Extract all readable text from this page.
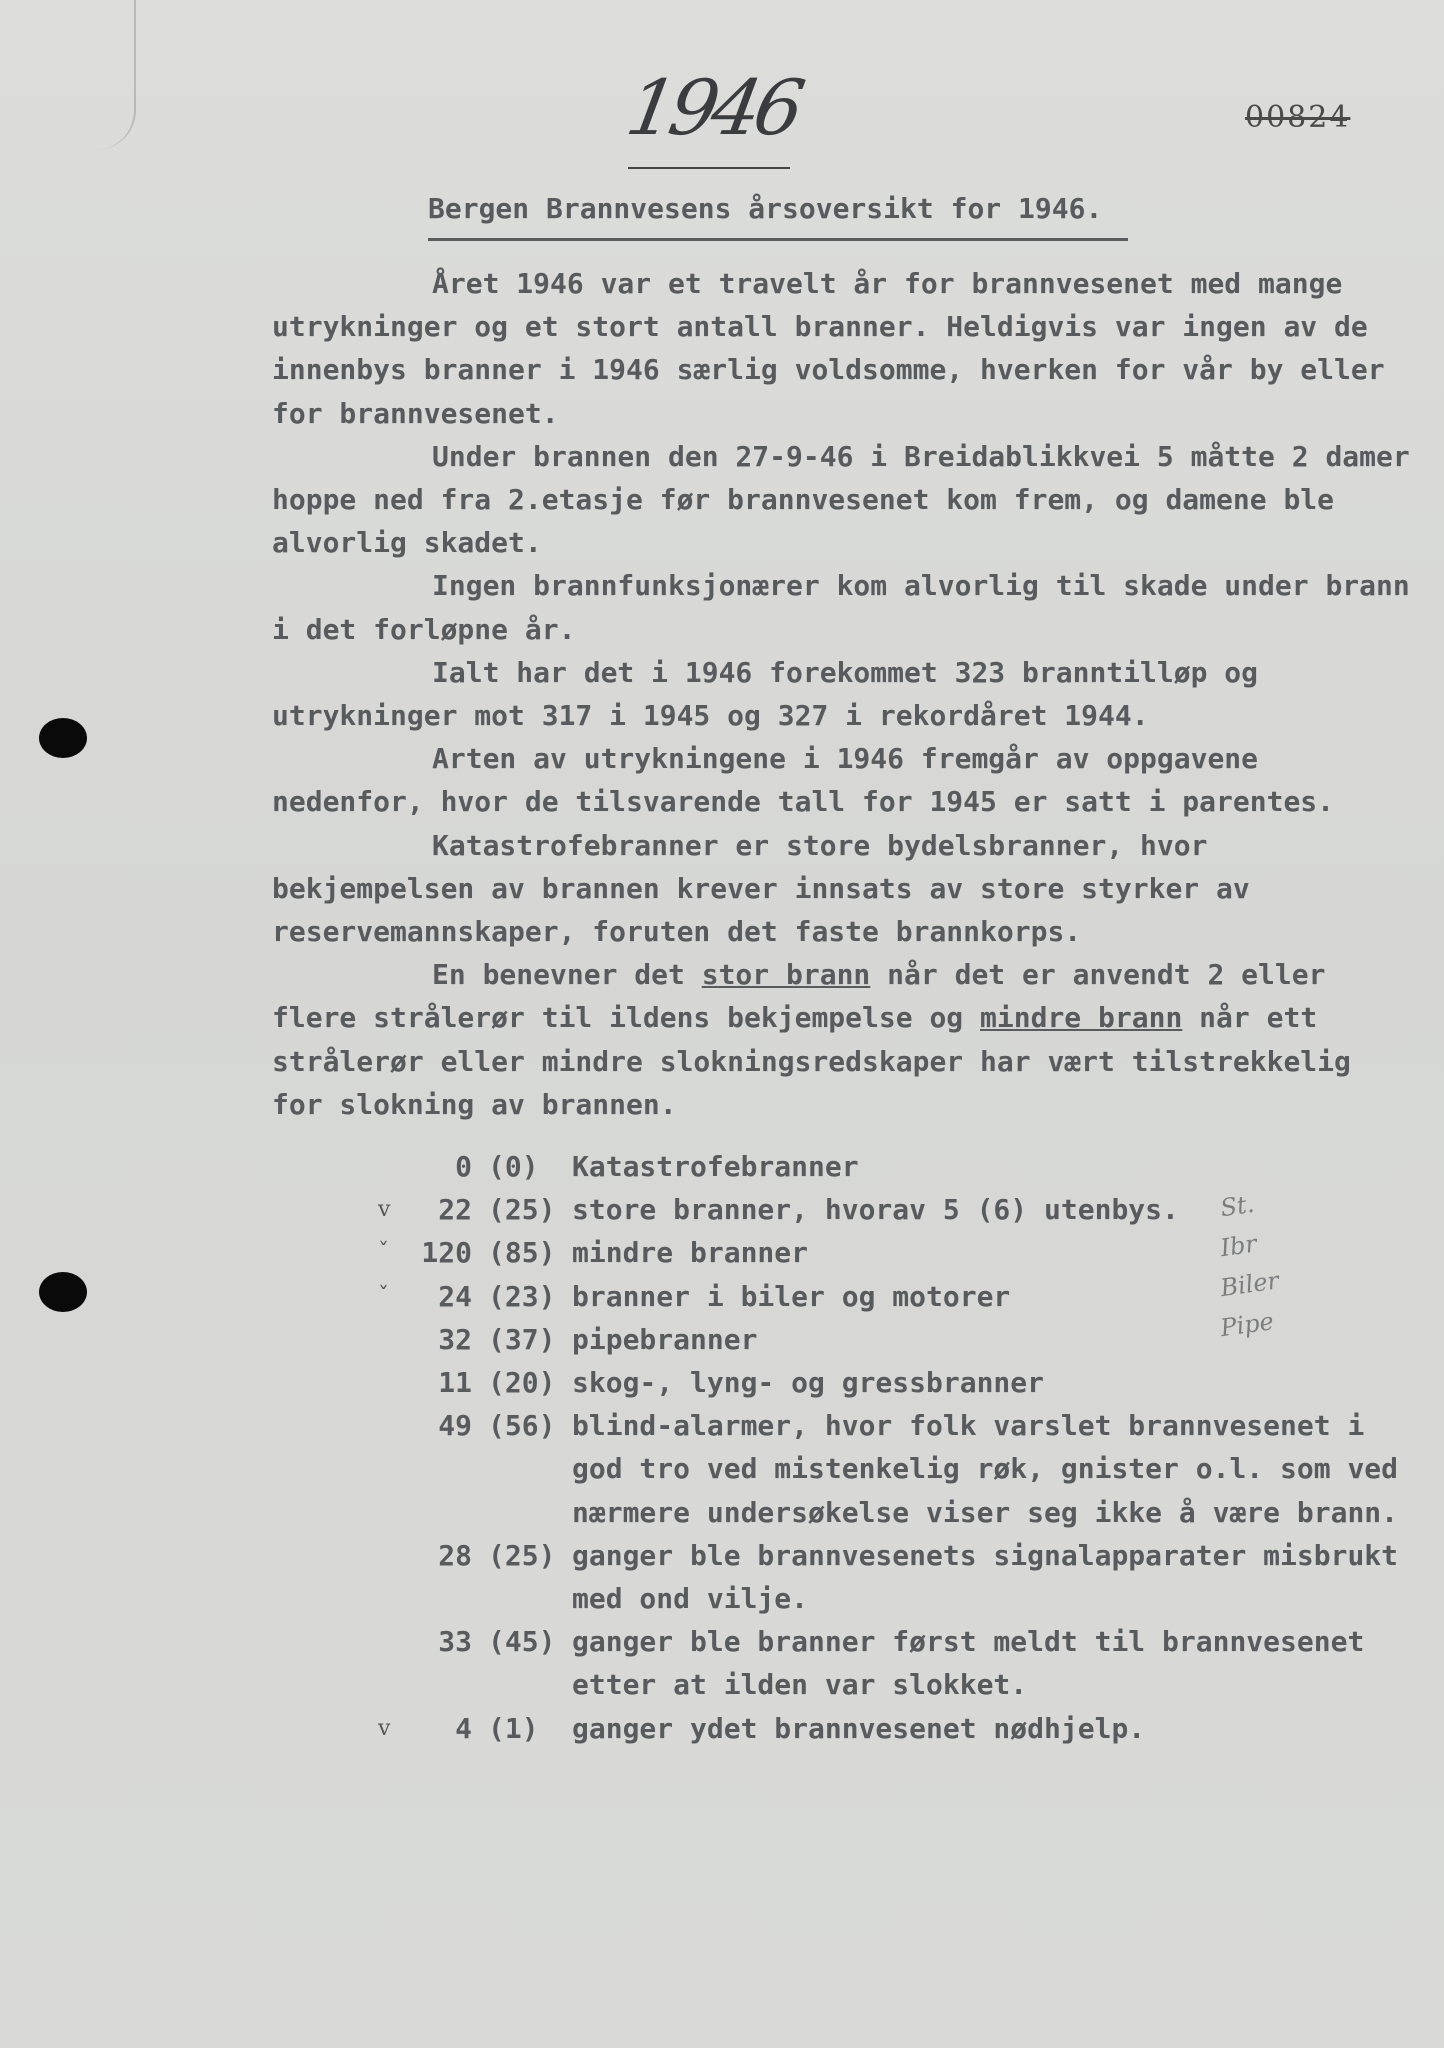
1946	00824
Bergen Brannvesens årsoversikt for 1946.

Året 1946 var et travelt år for brannvesenet med mange utrykninger og et stort antall branner. Heldigvis var ingen av de innenbys branner i 1946 særlig voldsomme, hverken for vår by eller for brannvesenet.

Under brannen den 27-9-46 i Breidablikkvei 5 måtte 2 damer hoppe ned fra 2.etasje før brannvesenet kom frem, og damene ble alvorlig skadet.

Ingen brannfunksjonærer kom alvorlig til skade under brann i det forløpne år.

Ialt har det i 1946 forekommet 323 branntilløp og utrykninger mot 317 i 1945 og 327 i rekordåret 1944.

Arten av utrykningene i 1946 fremgår av oppgavene nedenfor, hvor de tilsvarende tall for 1945 er satt i parentes.

Katastrofebranner er store bydelsbranner, hvor bekjempelsen av brannen krever innsats av store styrker av reservemannskaper, foruten det faste brannkorps.

En benevner det stor brann når det er anvendt 2 eller flere strålerør til ildens bekjempelse og mindre brann når ett strålerør eller mindre slokningsredskaper har vært tilstrekkelig for slokning av brannen.

0 (0)	Katastrofebranner
v	22 (25) store branner, hvorav 5 (6) utenbys.
ˇ	120 (85) mindre branner
ˇ	24 (23) branner i biler og motorer
32 (37) pipebranner
11 (20) skog-, lyng- og gressbranner
49 (56) blind-alarmer, hvor folk varslet brannvesenet i god tro ved mistenkelig røk, gnister o.l. som ved nærmere undersøkelse viser seg ikke å være brann.
28 (25) ganger ble brannvesenets signalapparater misbrukt med ond vilje.
33 (45) ganger ble branner først meldt til brannvesenet etter at ilden var slokket.
v	4 (1)	ganger ydet brannvesenet nødhjelp.
St.
Ibr
Biler
Pipe
